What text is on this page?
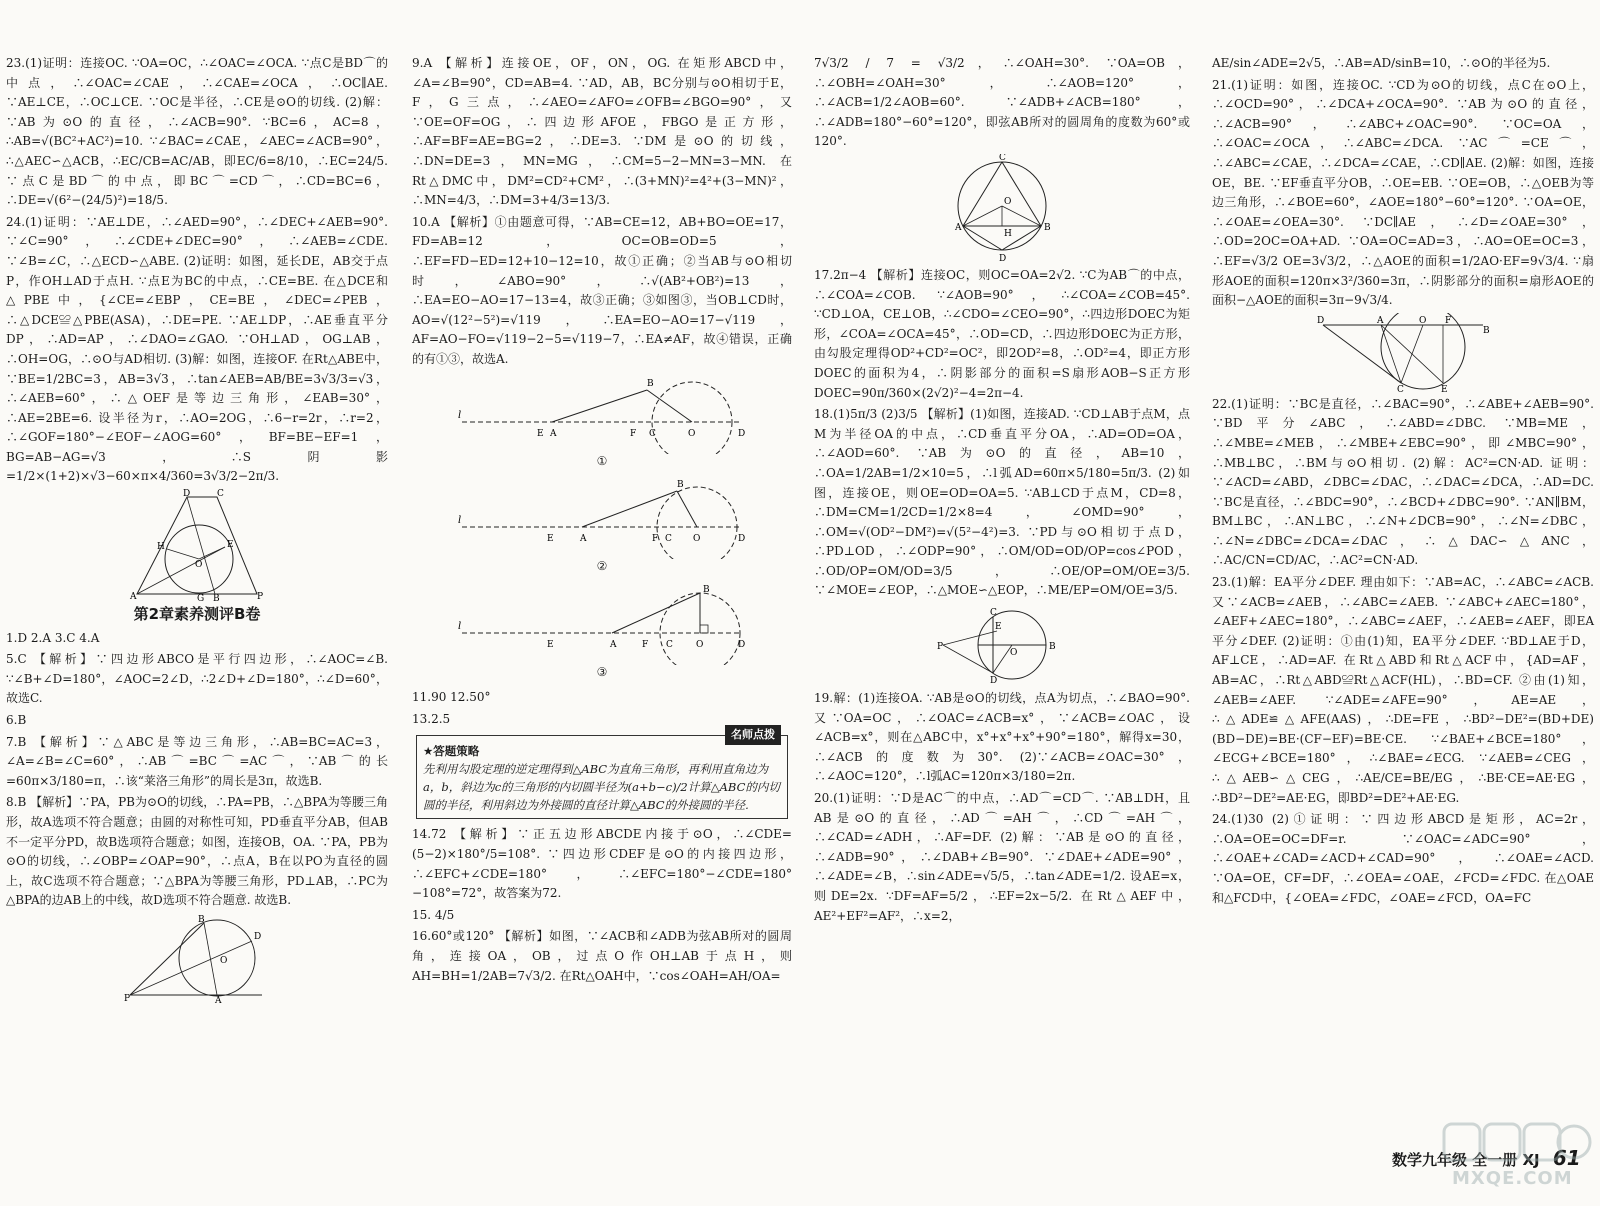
23.(1)证明：连接OC. ∵OA=OC，∴∠OAC=∠OCA. ∵点C是BD⌒的中点，∴∠OAC=∠CAE，∴∠CAE=∠OCA，∴OC∥AE. ∵AE⊥CE，∴OC⊥CE. ∵OC是半径，∴CE是⊙O的切线. (2)解：∵AB为⊙O的直径，∴∠ACB=90°. ∵BC=6，AC=8，∴AB=√(BC²+AC²)=10. ∵∠BAC=∠CAE，∠AEC=∠ACB=90°，∴△AEC∽△ACB，∴EC/CB=AC/AB，即EC/6=8/10，∴EC=24/5. ∵点C是BD⌒的中点，即BC⌒=CD⌒，∴CD=BC=6，∴DE=√(6²−(24/5)²)=18/5.

24.(1)证明：∵AE⊥DE，∴∠AED=90°，∴∠DEC+∠AEB=90°. ∵∠C=90°，∴∠CDE+∠DEC=90°，∴∠AEB=∠CDE. ∵∠B=∠C，∴△ECD∽△ABE. (2)证明：如图，延长DE，AB交于点P，作OH⊥AD于点H. ∵点E为BC的中点，∴CE=BE. 在△DCE和△PBE中，{∠CE=∠EBP，CE=BE，∠DEC=∠PEB，∴△DCE≌△PBE(ASA)，∴DE=PE. ∵AE⊥DP，∴AE垂直平分DP，∴AD=AP，∴∠DAO=∠GAO. ∵OH⊥AD，OG⊥AB，∴OH=OG，∴⊙O与AD相切. (3)解：如图，连接OF. 在Rt△ABE中，∵BE=1/2BC=3，AB=3√3，∴tan∠AEB=AB/BE=3√3/3=√3，∴∠AEB=60°，∴△OEF是等边三角形，∠EAB=30°，∴AE=2BE=6. 设半径为r，∴AO=2OG，∴6−r=2r，∴r=2，∴∠GOF=180°−∠EOF−∠AOG=60°，BF=BE−EF=1，BG=AB−AG=√3，∴S阴影=1/2×(1+2)×√3−60×π×4/360=3√3/2−2π/3.

D	C
A	P
E
O
H
G B
第2章素养测评B卷

1.D 2.A 3.C 4.A

5.C 【解析】∵四边形ABCO是平行四边形，∴∠AOC=∠B. ∵∠B+∠D=180°，∠AOC=2∠D，∴2∠D+∠D=180°，∴∠D=60°，故选C.

6.B

7.B 【解析】∵△ABC是等边三角形，∴AB=BC=AC=3，∠A=∠B=∠C=60°，∴AB⌒=BC⌒=AC⌒，∵AB⌒的长=60π×3/180=π，∴该“莱洛三角形”的周长是3π，故选B.

8.B 【解析】∵PA，PB为⊙O的切线，∴PA=PB，∴△BPA为等腰三角形，故A选项不符合题意；由圆的对称性可知，PD垂直平分AB，但AB不一定平分PD，故B选项符合题意；如图，连接OB，OA. ∵PA，PB为⊙O的切线，∴∠OBP=∠OAP=90°，∴点A，B在以PO为直径的圆上，故C选项不符合题意；∵△BPA为等腰三角形，PD⊥AB，∴PC为△BPA的边AB上的中线，故D选项不符合题意. 故选B.

P
B
A
D
O

9.A 【解析】连接OE，OF，ON，OG. 在矩形ABCD中，∠A=∠B=90°，CD=AB=4. ∵AD，AB，BC分别与⊙O相切于E，F，G三点，∴∠AEO=∠AFO=∠OFB=∠BGO=90°，又∵OE=OF=OG，∴四边形AFOE，FBGO是正方形，∴AF=BF=AE=BG=2，∴DE=3. ∵DM是⊙O的切线，∴DN=DE=3，MN=MG，∴CM=5−2−MN=3−MN. 在Rt△DMC中，DM²=CD²+CM²，∴(3+MN)²=4²+(3−MN)²，∴MN=4/3，∴DM=3+4/3=13/3.

10.A 【解析】①由题意可得，∵AB=CE=12，AB+BO=OE=17，FD=AB=12，OC=OB=OD=5，∴EF=FD−ED=12+10−12=10，故①正确；②当AB与⊙O相切时，∠ABO=90°，∴√(AB²+OB²)=13，∴EA=EO−AO=17−13=4，故③正确；③如图③，当OB⊥CD时，AO=√(12²−5²)=√119，∴EA=EO−AO=17−√119，AF=AO−FO=√119−2−5=√119−7，∴EA≠AF，故④错误，正确的有①③，故选A.

l
E A	F C	O	D
B
①
l
E	A	F C O	D
B
②
l
E	A	F C	O	D
B
③

11.90 12.50°

13.2.5

名师点拨
★答题策略
先利用勾股定理的逆定理得到△ABC为直角三角形，再利用直角边为a，b，斜边为c的三角形的内切圆半径为(a+b−c)/2计算△ABC的内切圆的半径，利用斜边为外接圆的直径计算△ABC的外接圆的半径.

14.72 【解析】∵正五边形ABCDE内接于⊙O，∴∠CDE=(5−2)×180°/5=108°. ∵四边形CDEF是⊙O的内接四边形，∴∠EFC+∠CDE=180°，∴∠EFC=180°−∠CDE=180°−108°=72°，故答案为72.

15. 4/5

16.60°或120° 【解析】如图，∵∠ACB和∠ADB为弦AB所对的圆周角，连接OA，OB，过点O作OH⊥AB于点H，则AH=BH=1/2AB=7√3/2. 在Rt△OAH中，∵cos∠OAH=AH/OA=

7√3/2 / 7 = √3/2，∴∠OAH=30°. ∵OA=OB，∴∠OBH=∠OAH=30°，∴∠AOB=120°，∴∠ACB=1/2∠AOB=60°. ∵∠ADB+∠ACB=180°，∴∠ADB=180°−60°=120°，即弦AB所对的圆周角的度数为60°或120°.

C
A	B
D
O
H

17.2π−4 【解析】连接OC，则OC=OA=2√2. ∵C为AB⌒的中点，∴∠COA=∠COB. ∵∠AOB=90°，∴∠COA=∠COB=45°. ∵CD⊥OA，CE⊥OB，∴∠CDO=∠CEO=90°，∴四边形DOEC为矩形，∠COA=∠OCA=45°，∴OD=CD，∴四边形DOEC为正方形，由勾股定理得OD²+CD²=OC²，即2OD²=8，∴OD²=4，即正方形DOEC的面积为4，∴阴影部分的面积=S扇形AOB−S正方形DOEC=90π/360×(2√2)²−4=2π−4.

18.(1)5π/3 (2)3/5 【解析】(1)如图，连接AD. ∵CD⊥AB于点M，点M为半径OA的中点，∴CD垂直平分OA，∴AD=OD=OA，∴∠AOD=60°. ∵AB为⊙O的直径，AB=10，∴OA=1/2AB=1/2×10=5，∴l弧AD=60π×5/180=5π/3. (2)如图，连接OE，则OE=OD=OA=5. ∵AB⊥CD于点M，CD=8，∴DM=CM=1/2CD=1/2×8=4，∠OMD=90°，∴OM=√(OD²−DM²)=√(5²−4²)=3. ∵PD与⊙O相切于点D，∴PD⊥OD，∴∠ODP=90°，∴OM/OD=OD/OP=cos∠POD，∴OD/OP=OM/OD=3/5，∴OE/OP=OM/OE=3/5. ∵∠MOE=∠EOP，∴△MOE∽△EOP，∴ME/EP=OM/OE=3/5.

P	B
C
D
O
E

19.解：(1)连接OA. ∵AB是⊙O的切线，点A为切点，∴∠BAO=90°. 又∵OA=OC，∴∠OAC=∠ACB=x°，∵∠ACB=∠OAC，设∠ACB=x°，则在△ABC中，x°+x°+x°+90°=180°，解得x=30，∴∠ACB的度数为30°. (2)∵∠ACB=∠OAC=30°，∴∠AOC=120°，∴l弧AC=120π×3/180=2π.

20.(1)证明：∵D是AC⌒的中点，∴AD⌒=CD⌒. ∵AB⊥DH，且AB是⊙O的直径，∴AD⌒=AH⌒，∴CD⌒=AH⌒，∴∠CAD=∠ADH，∴AF=DF. (2)解：∵AB是⊙O的直径，∴∠ADB=90°，∴∠DAB+∠B=90°. ∵∠DAE+∠ADE=90°，∴∠ADE=∠B，∴sin∠ADE=√5/5，∴tan∠ADE=1/2. 设AE=x，则DE=2x. ∵DF=AF=5/2，∴EF=2x−5/2. 在Rt△AEF中，AE²+EF²=AF²，∴x=2，

AE/sin∠ADE=2√5，∴AB=AD/sinB=10，∴⊙O的半径为5.

21.(1)证明：如图，连接OC. ∵CD为⊙O的切线，点C在⊙O上，∴∠OCD=90°，∴∠DCA+∠OCA=90°. ∵AB为⊙O的直径，∴∠ACB=90°，∴∠ABC+∠OAC=90°. ∵OC=OA，∴∠OAC=∠OCA，∴∠ABC=∠DCA. ∵AC⌒=CE⌒，∴∠ABC=∠CAE，∴∠DCA=∠CAE，∴CD∥AE. (2)解：如图，连接OE，BE. ∵EF垂直平分OB，∴OE=EB. ∵OE=OB，∴△OEB为等边三角形，∴∠BOE=60°，∠AOE=180°−60°=120°. ∵OA=OE，∴∠OAE=∠OEA=30°. ∵DC∥AE，∴∠D=∠OAE=30°，∴OD=2OC=OA+AD. ∵OA=OC=AD=3，∴AO=OE=OC=3，∴EF=√3/2 OE=3√3/2，∴△AOE的面积=1/2AO·EF=9√3/4. ∵扇形AOE的面积=120π×3²/360=3π，∴阴影部分的面积=扇形AOE的面积−△AOE的面积=3π−9√3/4.

D	A	O F
B
C	E

22.(1)证明：∵BC是直径，∴∠BAC=90°，∴∠ABE+∠AEB=90°. ∵BD平分∠ABC，∴∠ABD=∠DBC. ∵MB=ME，∴∠MBE=∠MEB，∴∠MBE+∠EBC=90°，即∠MBC=90°，∴MB⊥BC，∴BM与⊙O相切. (2)解：AC²=CN·AD. 证明：∵∠ACD=∠ABD，∠DBC=∠DAC，∴∠DAC=∠DCA，∴AD=DC. ∵BC是直径，∴∠BDC=90°，∴∠BCD+∠DBC=90°. ∵AN∥BM，BM⊥BC，∴AN⊥BC，∴∠N+∠DCB=90°，∴∠N=∠DBC，∴∠N=∠DBC=∠DCA=∠DAC，∴△DAC∽△ANC，∴AC/CN=CD/AC，∴AC²=CN·AD.

23.(1)解：EA平分∠DEF. 理由如下：∵AB=AC，∴∠ABC=∠ACB. 又∵∠ACB=∠AEB，∴∠ABC=∠AEB. ∵∠ABC+∠AEC=180°，∠AEF+∠AEC=180°，∴∠ABC=∠AEF，∴∠AEB=∠AEF，即EA平分∠DEF. (2)证明：①由(1)知，EA平分∠DEF. ∵BD⊥AE于D，AF⊥CE，∴AD=AF. 在Rt△ABD和Rt△ACF中，{AD=AF，AB=AC，∴Rt△ABD≌Rt△ACF(HL)，∴BD=CF. ②由(1)知，∠AEB=∠AEF. ∵∠ADE=∠AFE=90°，AE=AE，∴△ADE≌△AFE(AAS)，∴DE=FE，∴BD²−DE²=(BD+DE)(BD−DE)=BE·(CF−EF)=BE·CE. ∵∠BAE+∠BCE=180°，∠ECG+∠BCE=180°，∴∠BAE=∠ECG. ∵∠AEB=∠CEG，∴△AEB∽△CEG，∴AE/CE=BE/EG，∴BE·CE=AE·EG，∴BD²−DE²=AE·EG，即BD²=DE²+AE·EG.

24.(1)30 (2)①证明：∵四边形ABCD是矩形，AC=2r，∴OA=OE=OC=DF=r. ∵∠OAC=∠ADC=90°，∴∠OAE+∠CAD=∠ACD+∠CAD=90°，∴∠OAE=∠ACD. ∵OA=OE，CF=DF，∴∠OEA=∠OAE，∠FCD=∠FDC. 在△OAE和△FCD中，{∠OEA=∠FDC，∠OAE=∠FCD，OA=FC

数学九年级 全一册 XJ 61
MXQE.COM
